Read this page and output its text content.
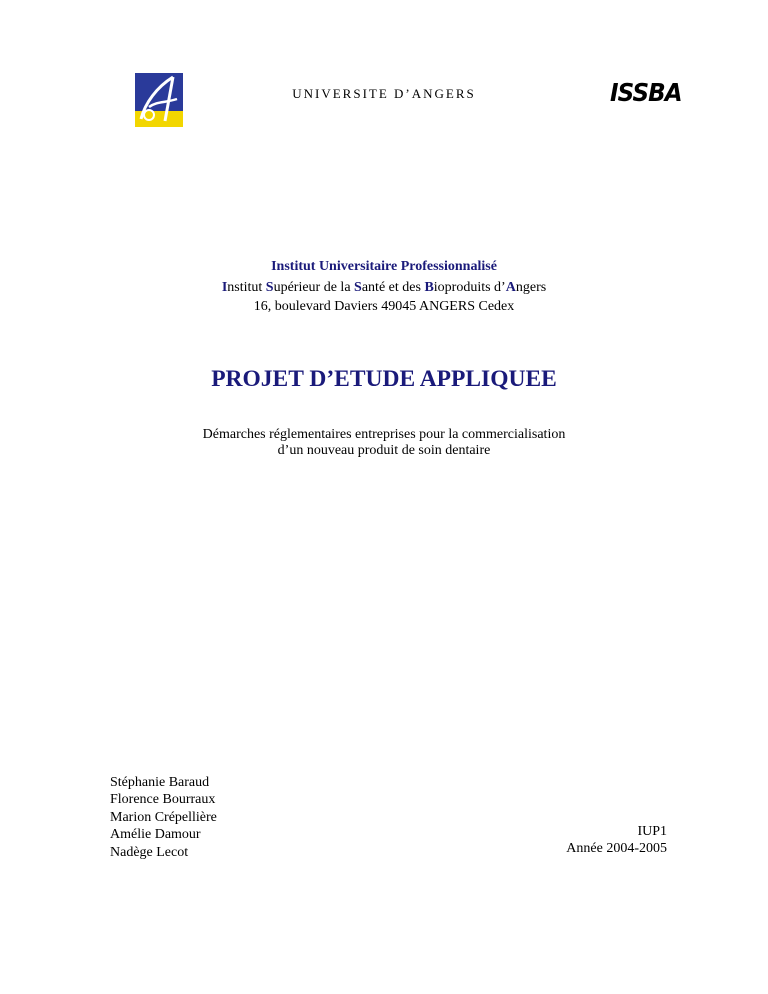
UNIVERSITE D’ANGERS	ISSBA
Institut Universitaire Professionnalisé
Institut Supérieur de la Santé et des Bioproduits d’Angers
16, boulevard Daviers 49045 ANGERS Cedex
PROJET D’ETUDE APPLIQUEE
Démarches réglementaires entreprises pour la commercialisation
d’un nouveau produit de soin dentaire
Stéphanie Baraud
Florence Bourraux
Marion Crépellière
Amélie Damour
Nadège Lecot
IUP1
Année 2004-2005
